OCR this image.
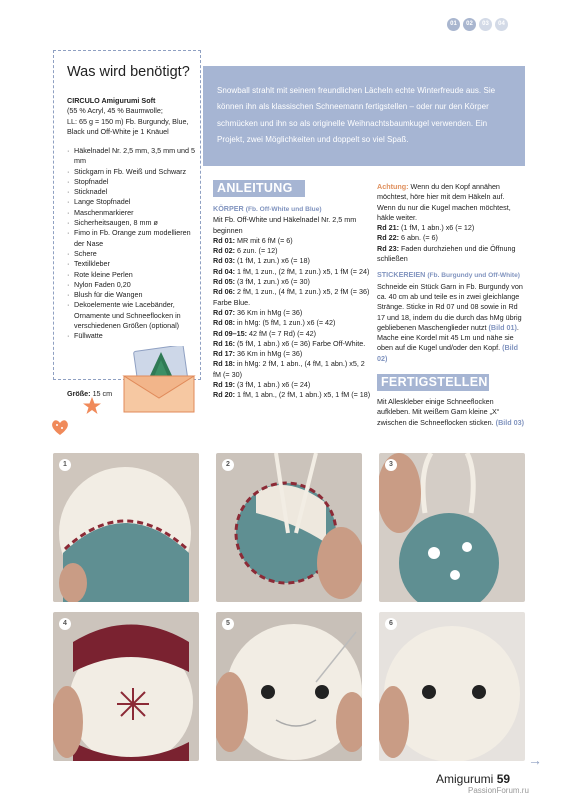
01	02	03	04
Was wird benötigt?
CIRCULO Amigurumi Soft
(55 % Acryl, 45 % Baumwolle;
LL: 65 g = 150 m) Fb. Burgundy, Blue,
Black und Off-White je 1 Knäuel
· Häkelnadel Nr. 2,5 mm, 3,5 mm und 5 mm
· Stickgarn in Fb. Weiß und Schwarz
· Stopfnadel
· Sticknadel
· Lange Stopfnadel
· Maschenmarkierer
· Sicherheitsaugen, 8 mm ø
· Fimo in Fb. Orange zum modellieren der Nase
· Schere
· Textilkleber
· Rote kleine Perlen
· Nylon Faden 0,20
· Blush für die Wangen
· Dekoelemente wie Lacebänder, Ornamente und Schneeflocken in verschiedenen Größen (optional)
· Füllwatte
Größe: 15 cm
Snowball strahlt mit seinem freundlichen Lächeln echte Winterfreude aus. Sie können ihn als klassischen Schneemann fertigstellen – oder nur den Körper schmücken und ihn so als originelle Weihnachtsbaumkugel verwenden. Ein Projekt, zwei Möglichkeiten und doppelt so viel Spaß.
ANLEITUNG

KÖRPER (Fb. Off-White und Blue)

Mit Fb. Off-White und Häkelnadel Nr. 2,5 mm beginnen

Rd 01: MR mit 6 fM (= 6)

Rd 02: 6 zun. (= 12)

Rd 03: (1 fM, 1 zun.) x6 (= 18)

Rd 04: 1 fM, 1 zun., (2 fM, 1 zun.) x5, 1 fM (= 24)

Rd 05: (3 fM, 1 zun.) x6 (= 30)

Rd 06: 2 fM, 1 zun., (4 fM, 1 zun.) x5, 2 fM (= 36) Farbe Blue.

Rd 07: 36 Km in hMg (= 36)

Rd 08: in hMg: (5 fM, 1 zun.) x6 (= 42)

Rd 09–15: 42 fM (= 7 Rd) (= 42)

Rd 16: (5 fM, 1 abn.) x6 (= 36) Farbe Off-White.

Rd 17: 36 Km in hMg (= 36)

Rd 18: in hMg: 2 fM, 1 abn., (4 fM, 1 abn.) x5, 2 fM (= 30)

Rd 19: (3 fM, 1 abn.) x6 (= 24)

Rd 20: 1 fM, 1 abn., (2 fM, 1 abn.) x5, 1 fM (= 18)

Achtung: Wenn du den Kopf annähen möchtest, höre hier mit dem Häkeln auf. Wenn du nur die Kugel machen möchtest, häkle weiter.

Rd 21: (1 fM, 1 abn.) x6 (= 12)

Rd 22: 6 abn. (= 6)

Rd 23: Faden durchziehen und die Öffnung schließen

STICKEREIEN (Fb. Burgundy und Off-White)

Schneide ein Stück Garn in Fb. Burgundy von ca. 40 cm ab und teile es in zwei gleichlange Stränge. Sticke in Rd 07 und 08 sowie in Rd 17 und 18, indem du die durch das hMg übrig gebliebenen Maschenglieder nutzt (Bild 01). Mache eine Kordel mit 45 Lm und nähe sie oben auf die Kugel und/oder den Kopf. (Bild 02)

FERTIGSTELLEN

Mit Alleskleber einige Schneeflocken aufkleben. Mit weißem Garn kleine „X“ zwischen die Schneeflocken sticken. (Bild 03)

1	2	3
4	5	6
→
Amigurumi 59
PassionForum.ru
